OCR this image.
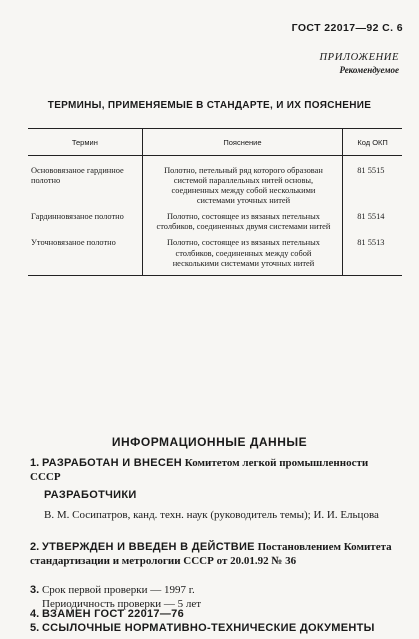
ГОСТ 22017—92 С. 6
ПРИЛОЖЕНИЕ
Рекомендуемое
ТЕРМИНЫ, ПРИМЕНЯЕМЫЕ В СТАНДАРТЕ, И ИХ ПОЯСНЕНИЕ
Термин	Пояснение	Код ОКП
Основовязаное гардинное полотно	Полотно, петельный ряд которого образован системой параллельных нитей основы, соединенных между собой несколькими системами уточных нитей	81 5515
Гардинновязаное полотно	Полотно, состоящее из вязаных петельных столбиков, соединенных двумя системами нитей	81 5514
Уточновязаное полотно	Полотно, состоящее из вязаных петельных столбиков, соединенных между собой несколькими системами уточных нитей	81 5513
ИНФОРМАЦИОННЫЕ ДАННЫЕ
1. РАЗРАБОТАН И ВНЕСЕН Комитетом легкой промышленности СССР
РАЗРАБОТЧИКИ
В. М. Сосипатров, канд. техн. наук (руководитель темы); И. И. Ельцова
2. УТВЕРЖДЕН И ВВЕДЕН В ДЕЙСТВИЕ Постановлением Комитета стандартизации и метрологии СССР от 20.01.92 № 36
3. Срок первой проверки — 1997 г.
Периодичность проверки — 5 лет
4. ВЗАМЕН ГОСТ 22017—76
5. ССЫЛОЧНЫЕ НОРМАТИВНО-ТЕХНИЧЕСКИЕ ДОКУМЕНТЫ
